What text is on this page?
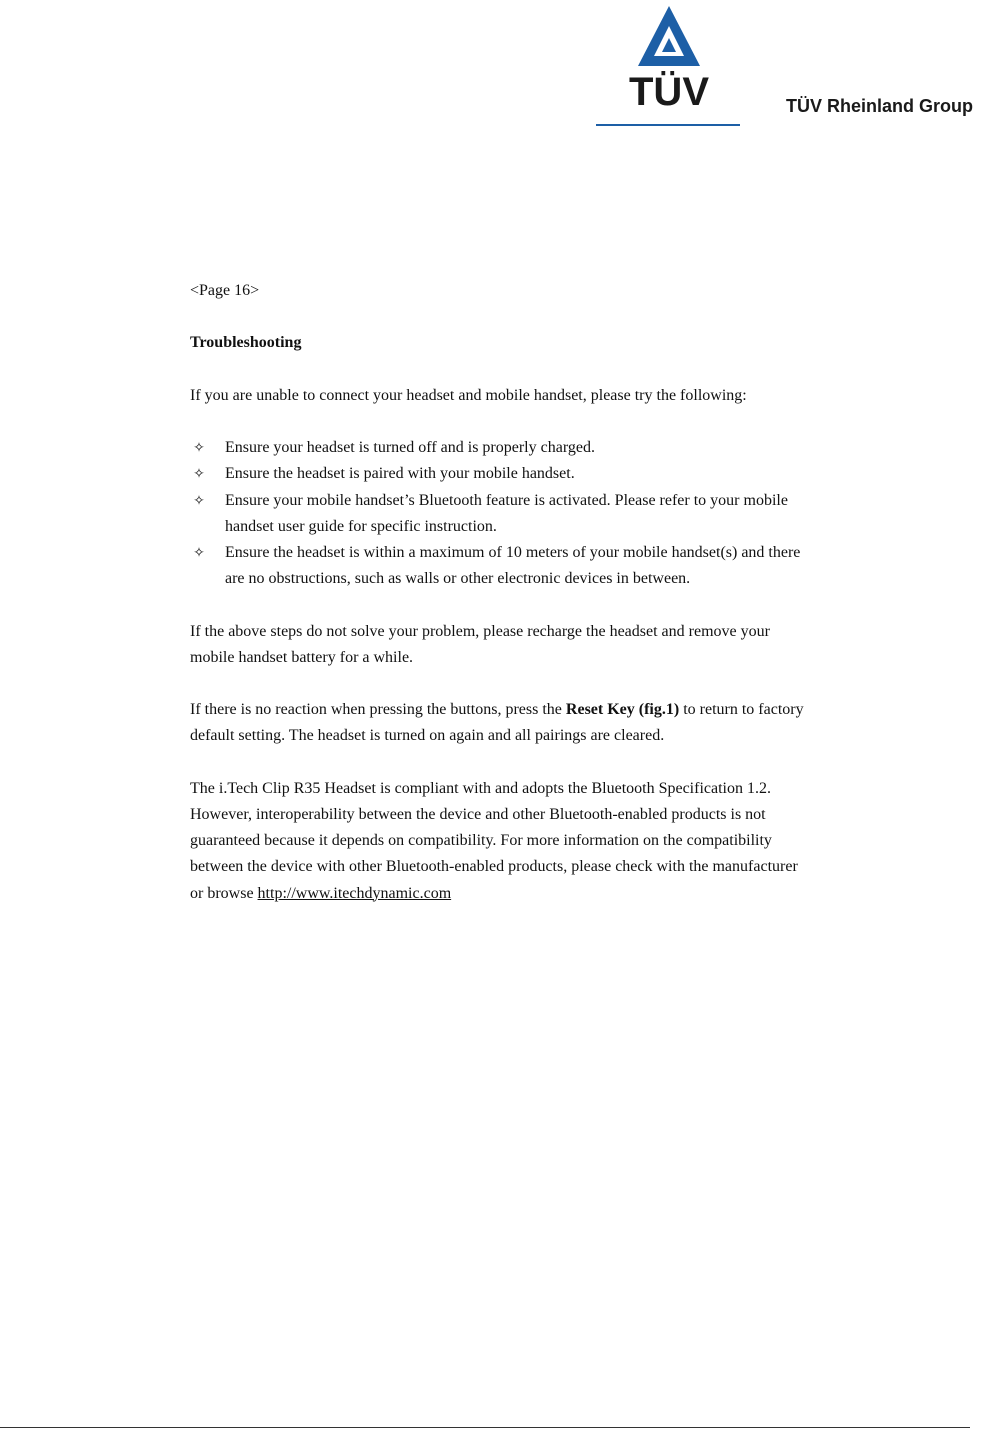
TÜV	TÜV Rheinland Group

<Page 16>

Troubleshooting

If you are unable to connect your headset and mobile handset, please try the following:

✧ Ensure your headset is turned off and is properly charged.
✧ Ensure the headset is paired with your mobile handset.
✧ Ensure your mobile handset’s Bluetooth feature is activated. Please refer to your mobile handset user guide for specific instruction.
✧ Ensure the headset is within a maximum of 10 meters of your mobile handset(s) and there are no obstructions, such as walls or other electronic devices in between.

If the above steps do not solve your problem, please recharge the headset and remove your mobile handset battery for a while.

If there is no reaction when pressing the buttons, press the Reset Key (fig.1) to return to factory default setting. The headset is turned on again and all pairings are cleared.

The i.Tech Clip R35 Headset is compliant with and adopts the Bluetooth Specification 1.2. However, interoperability between the device and other Bluetooth-enabled products is not guaranteed because it depends on compatibility. For more information on the compatibility between the device with other Bluetooth-enabled products, please check with the manufacturer or browse http://www.itechdynamic.com
